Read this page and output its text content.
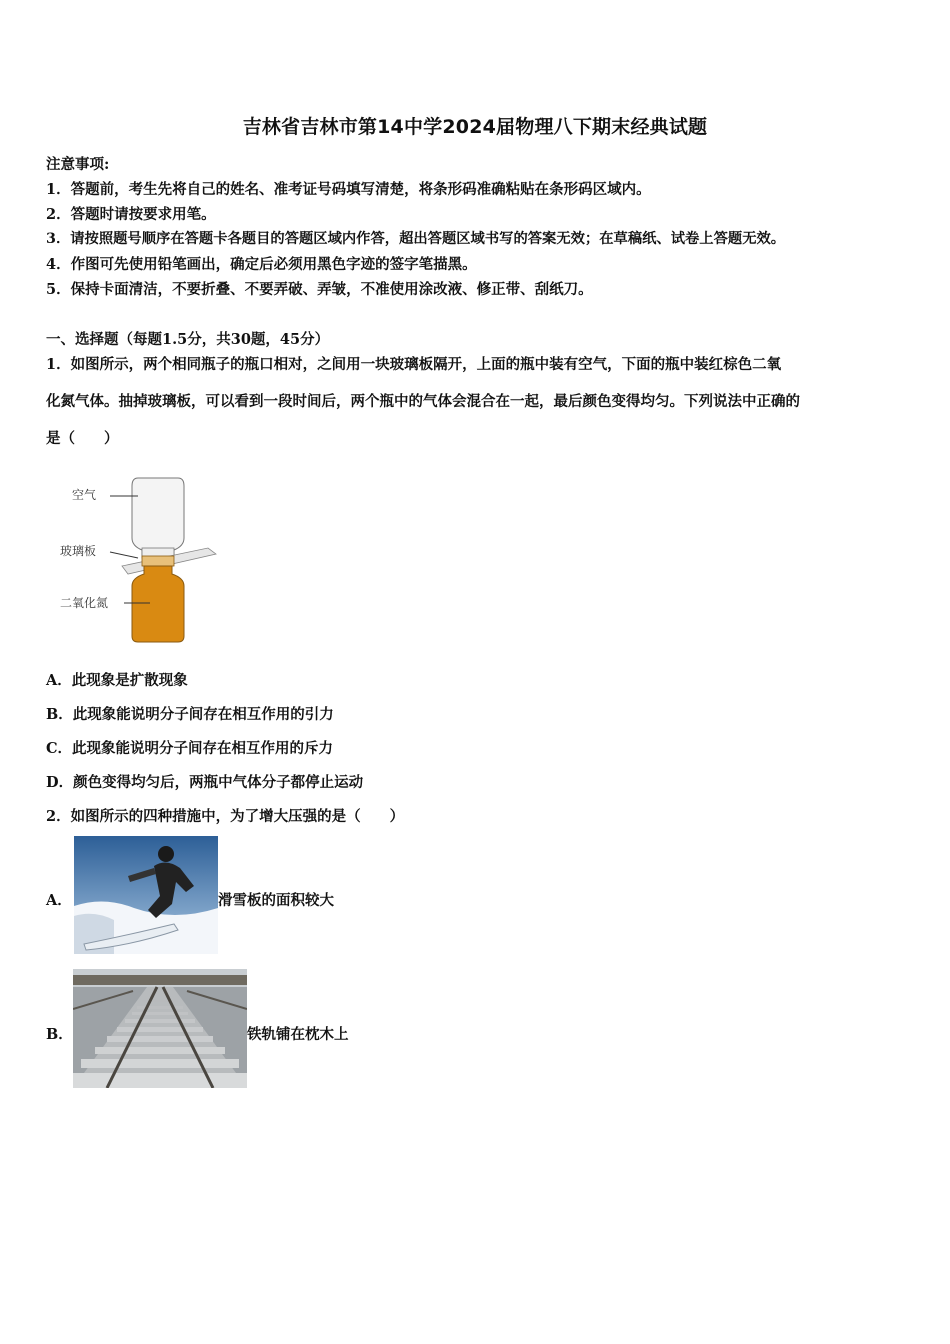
吉林省吉林市第14中学2024届物理八下期末经典试题
注意事项:
1．答题前，考生先将自己的姓名、准考证号码填写清楚，将条形码准确粘贴在条形码区域内。
2．答题时请按要求用笔。
3．请按照题号顺序在答题卡各题目的答题区域内作答，超出答题区域书写的答案无效；在草稿纸、试卷上答题无效。
4．作图可先使用铅笔画出，确定后必须用黑色字迹的签字笔描黑。
5．保持卡面清洁，不要折叠、不要弄破、弄皱，不准使用涂改液、修正带、刮纸刀。
一、选择题（每题1.5分，共30题，45分）
1．如图所示，两个相同瓶子的瓶口相对，之间用一块玻璃板隔开，上面的瓶中装有空气，下面的瓶中装红棕色二氧
化氮气体。抽掉玻璃板，可以看到一段时间后，两个瓶中的气体会混合在一起，最后颜色变得均匀。下列说法中正确的
是（　　）
空气
玻璃板
二氧化氮
A．此现象是扩散现象
B．此现象能说明分子间存在相互作用的引力
C．此现象能说明分子间存在相互作用的斥力
D．颜色变得均匀后，两瓶中气体分子都停止运动
2．如图所示的四种措施中，为了增大压强的是（　　）
A．	滑雪板的面积较大
B．	铁轨铺在枕木上
